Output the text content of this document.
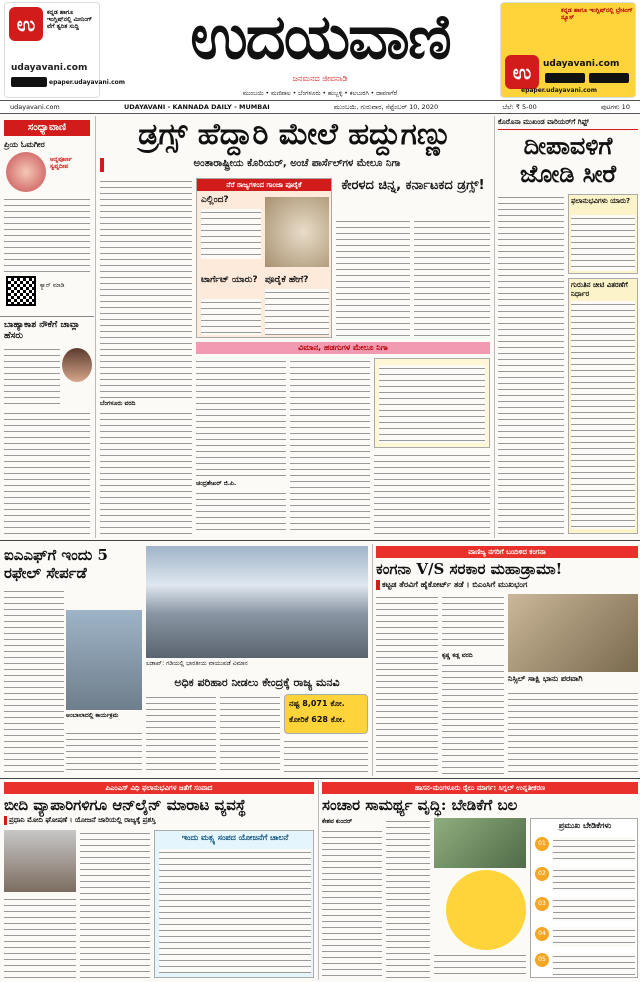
ಉ	ಕನ್ನಡ ಹಾಗೂ ಇಂಗ್ಲಿಷ್‌ನಲ್ಲಿ ಮೀನಿಂಗ್ ವೆಗೆ ತ್ವರಿತ ಸುದ್ದಿ
udayavani.com
epaper.udayavani.com
ಉದಯವಾಣಿ
ಜನಮನದ ಜೀವನಾಡಿ
ಮುಂಬಯಿ • ಮಣಿಪಾಲ • ಬೆಂಗಳೂರು • ಹುಬ್ಬಳ್ಳಿ • ಕಲಬುರಗಿ • ದಾವಣಗೆರೆ
ಉ
ಕನ್ನಡ ಹಾಗೂ ಇಂಗ್ಲಿಷ್‌ನಲ್ಲಿ ಬ್ರೇಕಿಂಗ್ ನ್ಯೂಸ್
udayavani.com
epaper.udayavani.com
udayavani.com	UDAYAVANI - KANNADA DAILY - MUMBAI	ಮುಂಬಯಿ, ಗುರುವಾರ, ಸೆಪ್ಟೆಂಬರ್ 10, 2020	ಬೆಲೆ: ₹ 5-00	ಪುಟಗಳು 10
ಸಂಧ್ಯಾವಾಣಿ
ಪ್ರಿಯ ಓಮಗೀರ
ಅನ್ನಪೂರ್ಣ ಸ್ವಪ್ನದೀಪ
ಕ್ಯಾನ್ ಮಾಡಿ
ಬಾಹ್ಯಾಕಾಶ ನೌಕೆಗೆ ಚಾವ್ಲಾ ಹೆಸರು
ಡ್ರಗ್ಸ್ ಹೆದ್ದಾರಿ ಮೇಲೆ ಹದ್ದುಗಣ್ಣು
ಅಂತಾರಾಷ್ಟ್ರೀಯ ಕೊರಿಯರ್, ಅಂಚೆ ಪಾರ್ಸೆಲ್‌ಗಳ ಮೇಲೂ ನಿಗಾ
ಬೆಂಗಳೂರು ವರದಿ
ನೆರೆ ರಾಜ್ಯಗಳಿಂದ ಗಾಂಜಾ ಪೂರೈಕೆ
ಎಲ್ಲಿಂದ?
ಟಾರ್ಗೆಟ್ ಯಾರು? ಪೂರೈಕೆ ಹೇಗೆ?
ಕೇರಳದ ಚಿನ್ನ, ಕರ್ನಾಟಕದ ಡ್ರಗ್ಸ್!
ವಿಮಾನ, ಹಡಗುಗಳ ಮೇಲೂ ನಿಗಾ
ಚಂದ್ರಶೇಖರ್ ಜಿ.ಪಿ.
ಕೊರೊನಾ ಮುಖಂಡ ವಾರಿಯರ್‌ಗೆ ಗಿಫ್ಟ್
ದೀಪಾವಳಿಗೆ ಜೋಡಿ ಸೀರೆ
ಫಲಾನುಭವಿಗಳು ಯಾರು?
ಗುರುತಿನ ಚೀಟಿ ವಿತರಣೆಗೆ ನಿರ್ಧಾರ
ಐಎಎಫ್‌ಗೆ ಇಂದು 5 ರಫೇಲ್ ಸೇರ್ಪಡೆ
ಅಂಬಾಲಾದಲ್ಲಿ ಕಾರ್ಯಕ್ರಮ
ಲಡಾಖ್: ಗಡಿಯಲ್ಲಿ ಭಾರತೀಯ ವಾಯುಪಡೆ ವಿಮಾನ
ಅಧಿಕ ಪರಿಹಾರ ನೀಡಲು ಕೇಂದ್ರಕ್ಕೆ ರಾಜ್ಯ ಮನವಿ
ನಷ್ಟ 8,071 ಕೋ.
ಕೋರಿಕೆ 628 ಕೋ.
ವಾಣಿಜ್ಯ ನಗರಿಗೆ ಬಂದಿಳಿದ ಕಂಗನಾ
ಕಂಗನಾ V/S ಸರಕಾರ ಮಹಾಡ್ರಾಮಾ!
ಕಟ್ಟಡ ತೆರವಿಗೆ ಹೈಕೋರ್ಟ್ ತಡೆ । ಬಿಎಂಸಿಗೆ ಮುಖಭಂಗ
ನಿಸ್ಸಿಲ್ ಸಾಕ್ಷಿ ಭಾನು ಪರವಾಗಿ
ಕೃಷ್ಣ ಕಡ್ಲ ವರದಿ
ಪಿಎಂಎಸ್ ವಿಧಿ ಫಲಾನುಭವಿಗಳ ಜತೆಗೆ ಸಂವಾದ
ಬೀದಿ ವ್ಯಾಪಾರಿಗಳಿಗೂ ಆನ್‌ಲೈನ್ ಮಾರಾಟ ವ್ಯವಸ್ಥೆ
ಪ್ರಧಾನಿ ಮೋದಿ ಘೋಷಣೆ । ಯೋಜನೆ ಜಾರಿಯಲ್ಲಿ ರಾಜ್ಯಕ್ಕೆ ಪ್ರಶಸ್ತಿ
ಇಂದು ಮತ್ಸ್ಯ ಸಂಪದ ಯೋಜನೆಗೆ ಚಾಲನೆ
ಹಾಸನ-ಮಂಗಳೂರು ರೈಲು ಮಾರ್ಗ: ಸಿಗ್ನಲ್ ಉನ್ನತೀಕರಣ
ಸಂಚಾರ ಸಾಮರ್ಥ್ಯ ವೃದ್ಧಿ: ಬೇಡಿಕೆಗೆ ಬಲ
ಕೇಶವ ಕುಂದರ್	ಪ್ರಮುಖ ಬೇಡಿಕೆಗಳು
01
02
03
04
05
